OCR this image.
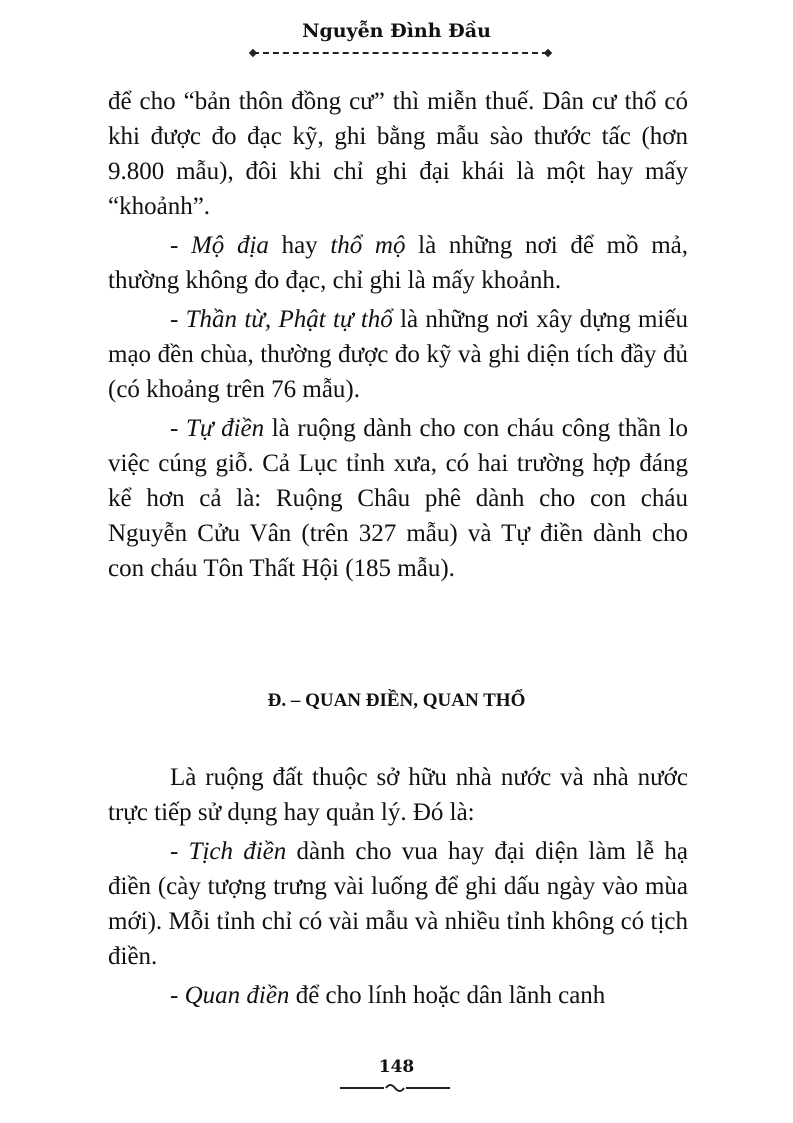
Nguyễn Đình Đầu

để cho “bản thôn đồng cư” thì miễn thuế. Dân cư thổ có khi được đo đạc kỹ, ghi bằng mẫu sào thước tấc (hơn 9.800 mẫu), đôi khi chỉ ghi đại khái là một hay mấy “khoảnh”.

- Mộ địa hay thổ mộ là những nơi để mồ mả, thường không đo đạc, chỉ ghi là mấy khoảnh.

- Thần từ, Phật tự thổ là những nơi xây dựng miếu mạo đền chùa, thường được đo kỹ và ghi diện tích đầy đủ (có khoảng trên 76 mẫu).

- Tự điền là ruộng dành cho con cháu công thần lo việc cúng giỗ. Cả Lục tỉnh xưa, có hai trường hợp đáng kể hơn cả là: Ruộng Châu phê dành cho con cháu Nguyễn Cửu Vân (trên 327 mẫu) và Tự điền dành cho con cháu Tôn Thất Hội (185 mẫu).

Đ. – QUAN ĐIỀN, QUAN THỔ

Là ruộng đất thuộc sở hữu nhà nước và nhà nước trực tiếp sử dụng hay quản lý. Đó là:

- Tịch điền dành cho vua hay đại diện làm lễ hạ điền (cày tượng trưng vài luống để ghi dấu ngày vào mùa mới). Mỗi tỉnh chỉ có vài mẫu và nhiều tỉnh không có tịch điền.

- Quan điền để cho lính hoặc dân lãnh canh

148
